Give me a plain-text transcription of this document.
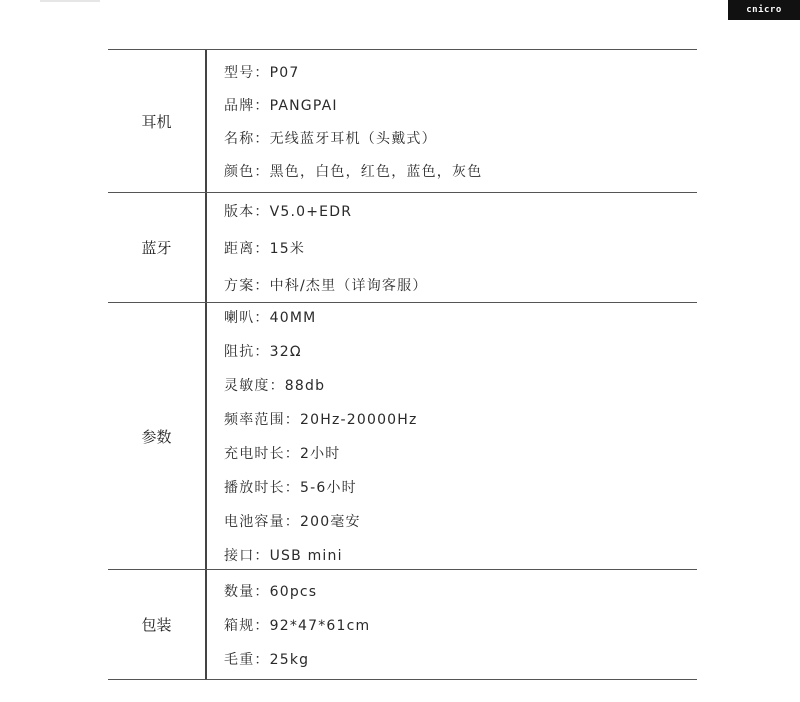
cnicro
耳机
型号：P07
品牌：PANGPAI
名称：无线蓝牙耳机（头戴式）
颜色：黑色，白色，红色，蓝色，灰色
蓝牙
版本：V5.0+EDR
距离：15米
方案：中科/杰里（详询客服）
参数
喇叭：40MM
阻抗：32Ω
灵敏度：88db
频率范围：20Hz-20000Hz
充电时长：2小时
播放时长：5-6小时
电池容量：200毫安
接口：USB mini
包装
数量：60pcs
箱规：92*47*61cm
毛重：25kg
